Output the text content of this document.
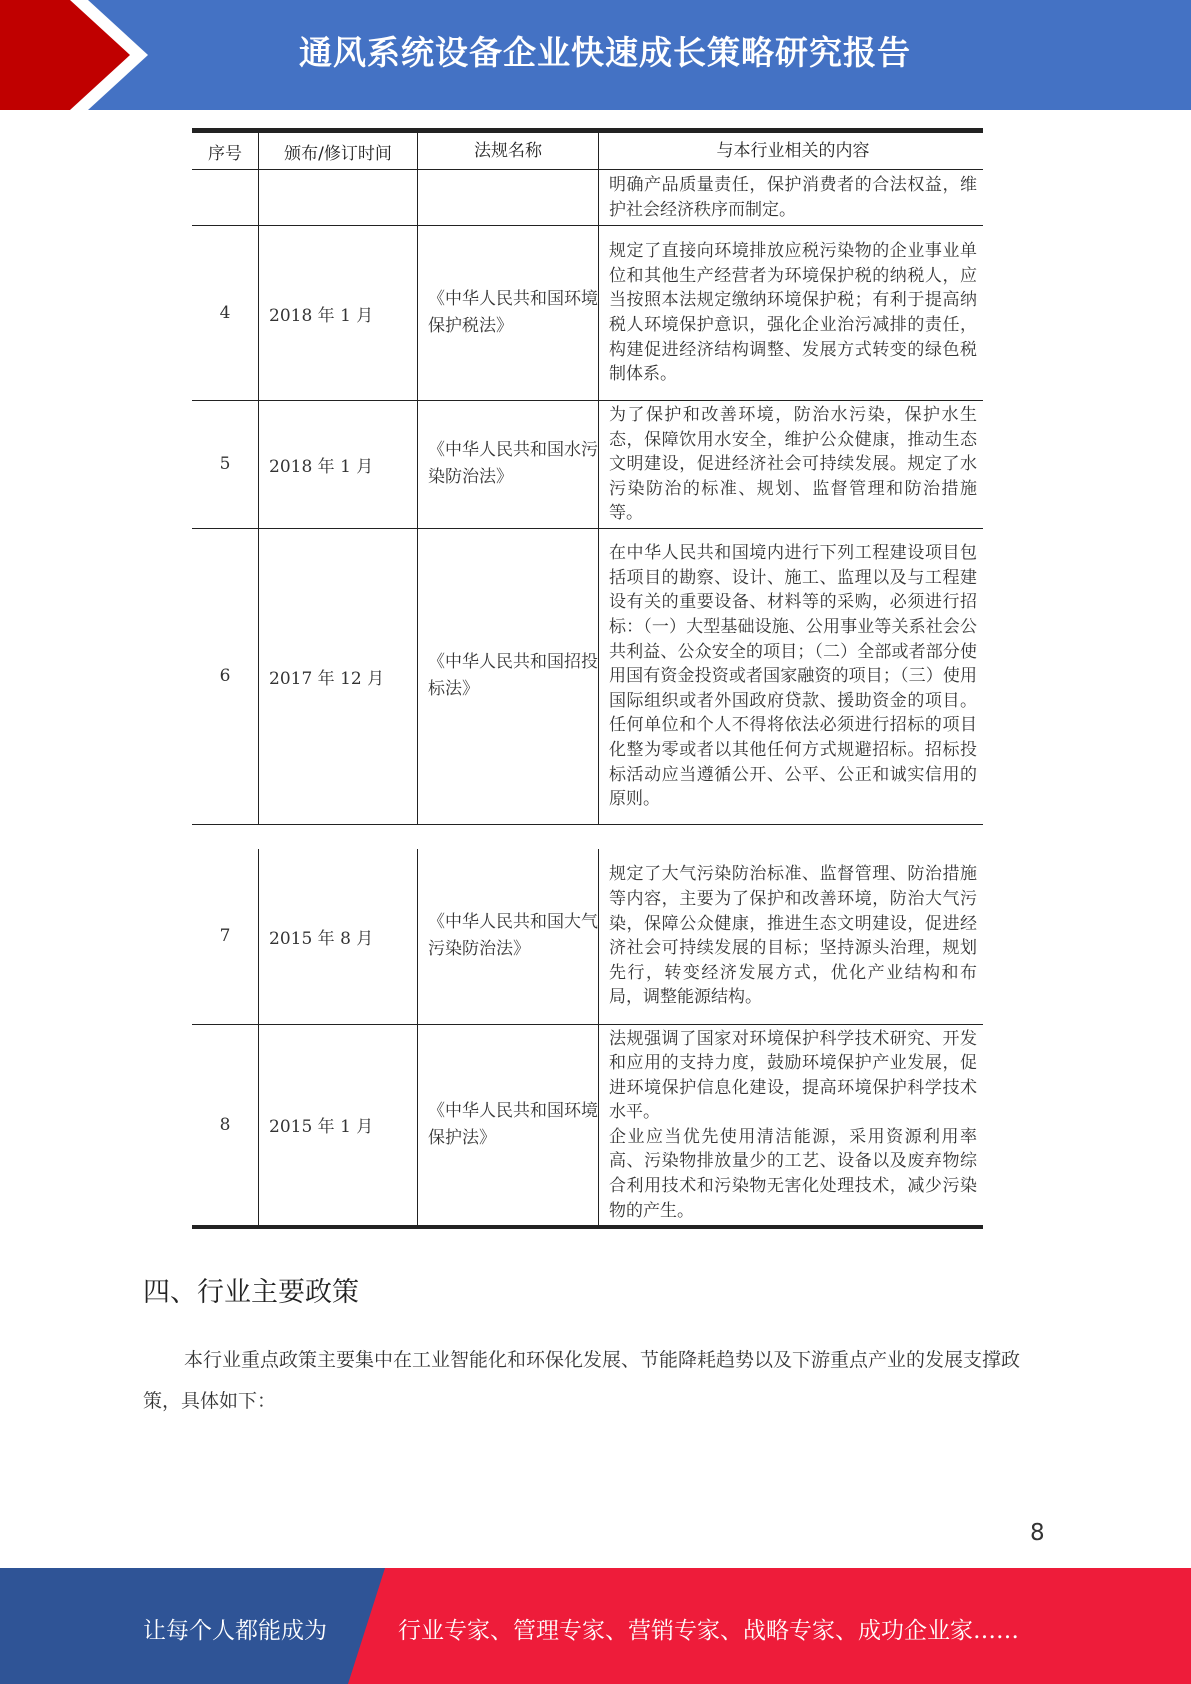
通风系统设备企业快速成长策略研究报告
序号	颁布/修订时间	法规名称	与本行业相关的内容
			明确产品质量责任，保护消费者的合法权益，维护社会经济秩序而制定。
4	2018 年 1 月	《中华人民共和国环境保护税法》	规定了直接向环境排放应税污染物的企业事业单位和其他生产经营者为环境保护税的纳税人，应当按照本法规定缴纳环境保护税；有利于提高纳税人环境保护意识，强化企业治污减排的责任，构建促进经济结构调整、发展方式转变的绿色税制体系。
5	2018 年 1 月	《中华人民共和国水污染防治法》	为了保护和改善环境，防治水污染，保护水生态，保障饮用水安全，维护公众健康，推动生态文明建设，促进经济社会可持续发展。规定了水污染防治的标准、规划、监督管理和防治措施等。
6	2017 年 12 月	《中华人民共和国招投标法》	在中华人民共和国境内进行下列工程建设项目包括项目的勘察、设计、施工、监理以及与工程建设有关的重要设备、材料等的采购，必须进行招标：（一）大型基础设施、公用事业等关系社会公共利益、公众安全的项目；（二）全部或者部分使用国有资金投资或者国家融资的项目；（三）使用国际组织或者外国政府贷款、援助资金的项目。任何单位和个人不得将依法必须进行招标的项目化整为零或者以其他任何方式规避招标。招标投标活动应当遵循公开、公平、公正和诚实信用的原则。
7	2015 年 8 月	《中华人民共和国大气污染防治法》	规定了大气污染防治标准、监督管理、防治措施等内容，主要为了保护和改善环境，防治大气污染，保障公众健康，推进生态文明建设，促进经济社会可持续发展的目标；坚持源头治理，规划先行，转变经济发展方式，优化产业结构和布局，调整能源结构。
8	2015 年 1 月	《中华人民共和国环境保护法》	法规强调了国家对环境保护科学技术研究、开发和应用的支持力度，鼓励环境保护产业发展，促进环境保护信息化建设，提高环境保护科学技术水平。
企业应当优先使用清洁能源，采用资源利用率高、污染物排放量少的工艺、设备以及废弃物综合利用技术和污染物无害化处理技术，减少污染物的产生。
四、行业主要政策
本行业重点政策主要集中在工业智能化和环保化发展、节能降耗趋势以及下游重点产业的发展支撑政策，具体如下：
8
让每个人都能成为	行业专家、管理专家、营销专家、战略专家、成功企业家……
